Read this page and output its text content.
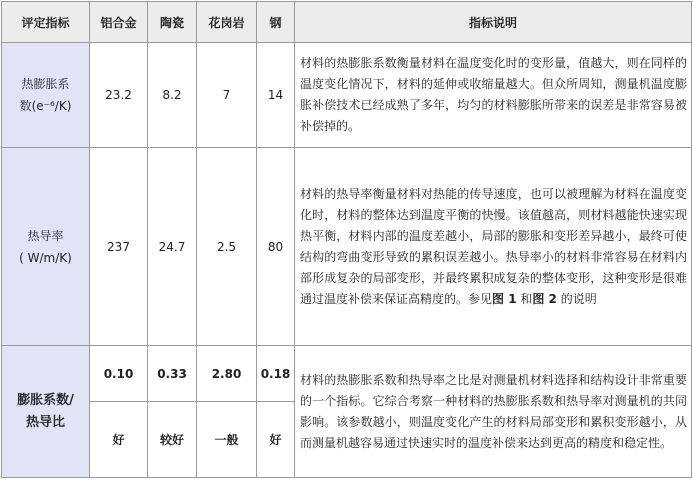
评定指标	铝合金	陶瓷	花岗岩	钢	指标说明

热膨胀系
数(e⁻⁶/K)	23.2	8.2	7	14	材料的热膨胀系数衡量材料在温度变化时的变形量，值越大，则在同样的温度变化情况下，材料的延伸或收缩量越大。但众所周知，测量机温度膨胀补偿技术已经成熟了多年，均匀的材料膨胀所带来的误差是非常容易被补偿掉的。

热导率
( W/m/K)	237	24.7	2.5	80	材料的热导率衡量材料对热能的传导速度，也可以被理解为材料在温度变化时，材料的整体达到温度平衡的快慢。该值越高，则材料越能快速实现热平衡，材料内部的温度差越小，局部的膨胀和变形差异越小，最终可使结构的弯曲变形导致的累积误差越小。热导率小的材料非常容易在材料内部形成复杂的局部变形，并最终累积成复杂的整体变形，这种变形是很难通过温度补偿来保证高精度的。参见图 1 和图 2 的说明

膨胀系数/
热导比	0.10	0.33	2.80	0.18	材料的热膨胀系数和热导率之比是对测量机材料选择和结构设计非常重要的一个指标。它综合考察一种材料的热膨胀系数和热导率对测量机的共同影响。该参数越小，则温度变化产生的材料局部变形和累积变形越小，从而测量机越容易通过快速实时的温度补偿来达到更高的精度和稳定性。
	好	较好	一般	好	
